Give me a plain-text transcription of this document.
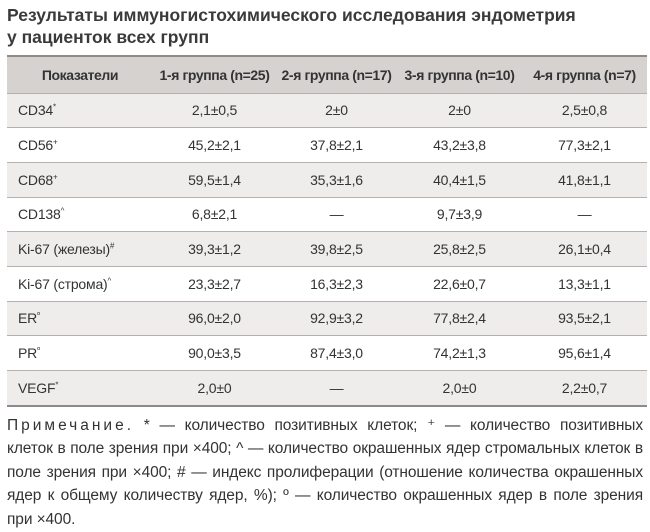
Результаты иммуногистохимического исследования эндометрия
у пациенток всех групп
Показатели	1-я группа (n=25)	2-я группа (n=17)	3-я группа (n=10)	4-я группа (n=7)
CD34*	2,1±0,5	2±0	2±0	2,5±0,8
CD56+	45,2±2,1	37,8±2,1	43,2±3,8	77,3±2,1
CD68+	59,5±1,4	35,3±1,6	40,4±1,5	41,8±1,1
CD138^	6,8±2,1	—	9,7±3,9	—
Ki-67 (железы)#	39,3±1,2	39,8±2,5	25,8±2,5	26,1±0,4
Ki-67 (строма)^	23,3±2,7	16,3±2,3	22,6±0,7	13,3±1,1
$ER^º$	96,0±2,0	92,9±3,2	77,8±2,4	93,5±2,1
$PR^º$	90,0±3,5	87,4±3,0	74,2±1,3	95,6±1,4
VEGF*	2,0±0	—	2,0±0	2,2±0,7
Примечание. * — количество позитивных клеток; ⁺ — количество позитивных клеток в поле зрения при ×400; ^ — количество окрашенных ядер стромальных клеток в поле зрения при ×400; # — индекс пролиферации (отношение количества окрашенных ядер к общему количеству ядер, %); º — количество окрашенных ядер в поле зрения при ×400.
